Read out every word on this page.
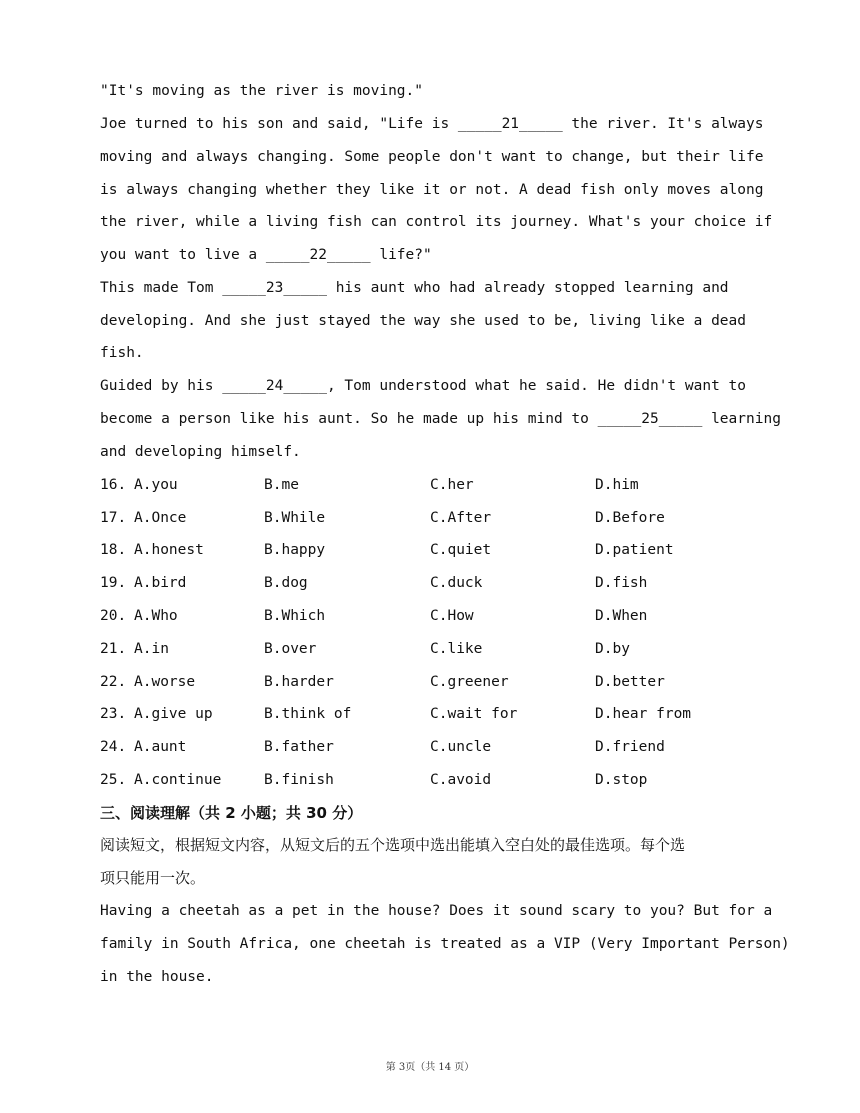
"It's moving as the river is moving."
Joe turned to his son and said, "Life is _____21_____ the river. It's always
moving and always changing. Some people don't want to change, but their life
is always changing whether they like it or not. A dead fish only moves along
the river, while a living fish can control its journey. What's your choice if
you want to live a _____22_____ life?"
This made Tom _____23_____ his aunt who had already stopped learning and
developing. And she just stayed the way she used to be, living like a dead
fish.
Guided by his _____24_____, Tom understood what he said. He didn't want to
become a person like his aunt. So he made up his mind to _____25_____ learning
and developing himself.
16. A.you	B.me	C.her	D.him
17. A.Once	B.While	C.After	D.Before
18. A.honest	B.happy	C.quiet	D.patient
19. A.bird	B.dog	C.duck	D.fish
20. A.Who	B.Which	C.How	D.When
21. A.in	B.over	C.like	D.by
22. A.worse	B.harder	C.greener	D.better
23. A.give up	B.think of	C.wait for	D.hear from
24. A.aunt	B.father	C.uncle	D.friend
25. A.continue	B.finish	C.avoid	D.stop
三、阅读理解（共 2 小题；共 30 分）
阅读短文，根据短文内容，从短文后的五个选项中选出能填入空白处的最佳选项。每个选
项只能用一次。
Having a cheetah as a pet in the house? Does it sound scary to you? But for a
family in South Africa, one cheetah is treated as a VIP (Very Important Person)
in the house.
第 3页（共 14 页）
